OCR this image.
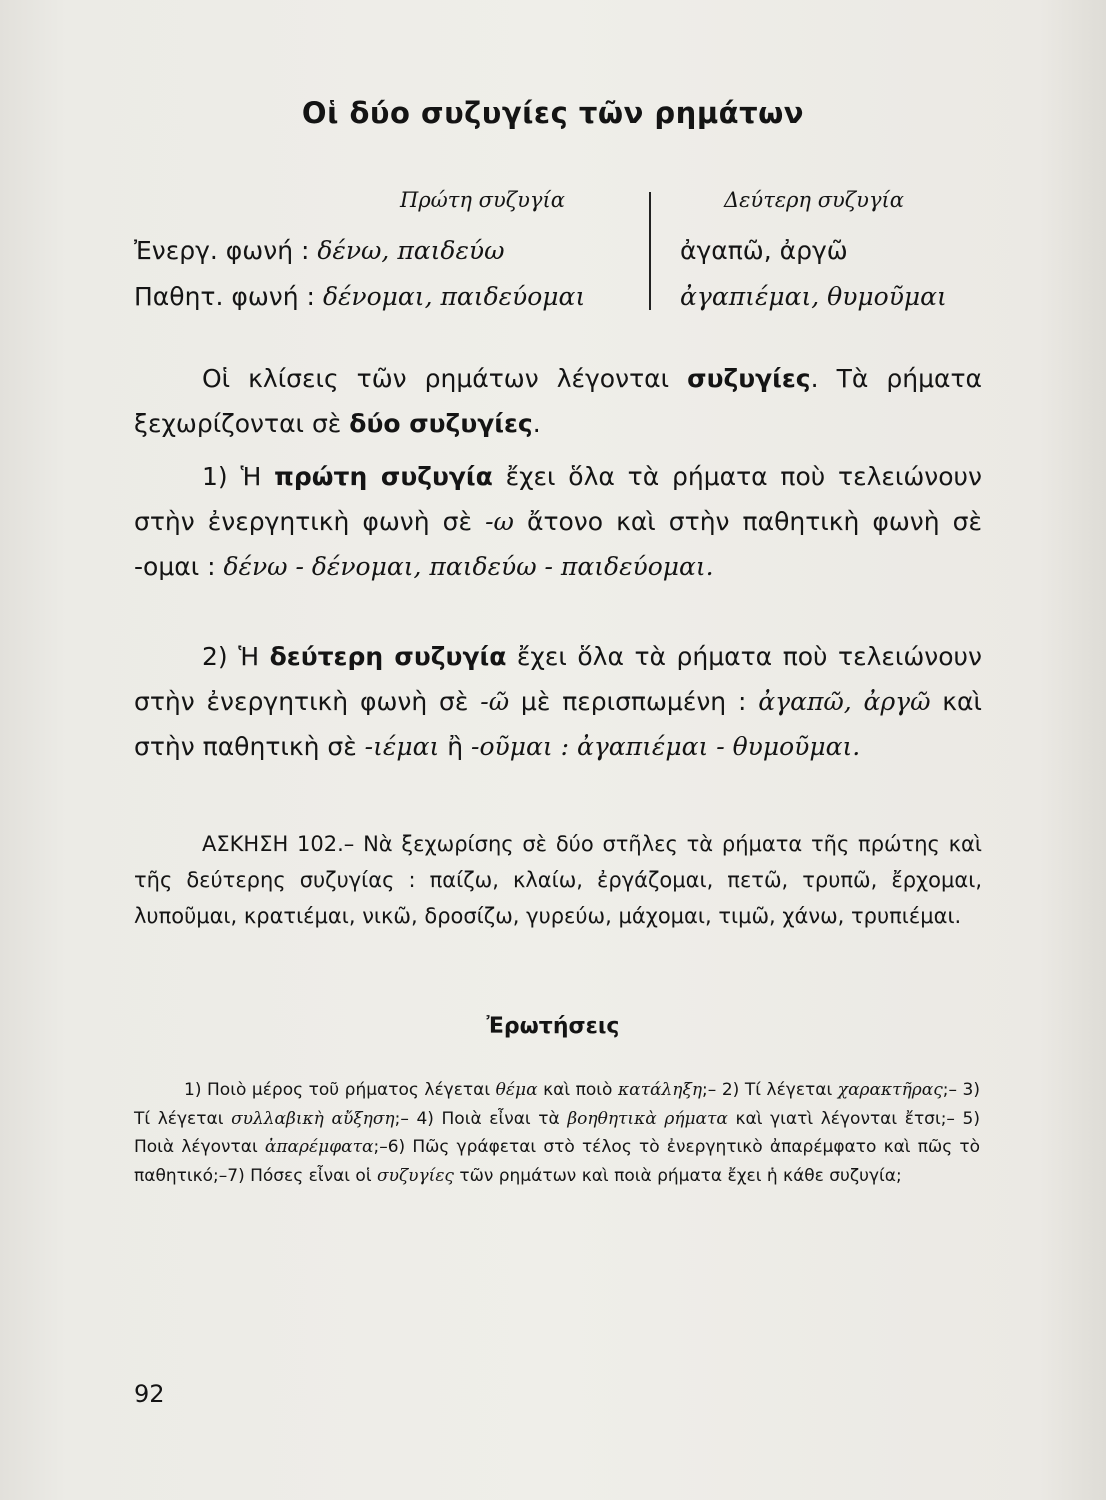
Οἱ δύο συζυγίες τῶν ρημάτων
Πρώτη συζυγία	Δεύτερη συζυγία
Ἐνεργ. φωνή : δένω, παιδεύω	ἀγαπῶ, ἀργῶ
Παθητ. φωνή : δένομαι, παιδεύομαι	ἀγαπιέμαι, θυμοῦμαι
Οἱ κλίσεις τῶν ρημάτων λέγονται συζυγίες. Τὰ ρήματα ξεχωρίζονται σὲ δύο συζυγίες.
1) Ἡ πρώτη συζυγία ἔχει ὅλα τὰ ρήματα ποὺ τελειώνουν στὴν ἐνεργητικὴ φωνὴ σὲ -ω ἄτονο καὶ στὴν παθητικὴ φωνὴ σὲ -ομαι : δένω - δένομαι, παιδεύω - παιδεύομαι.
2) Ἡ δεύτερη συζυγία ἔχει ὅλα τὰ ρήματα ποὺ τελειώνουν στὴν ἐνεργητικὴ φωνὴ σὲ -ῶ μὲ περισπωμένη : ἀγαπῶ, ἀργῶ καὶ στὴν παθητικὴ σὲ -ιέμαι ἢ -οῦμαι : ἀγαπιέμαι - θυμοῦμαι.
ΑΣΚΗΣΗ 102.– Νὰ ξεχωρίσης σὲ δύο στῆλες τὰ ρήματα τῆς πρώτης καὶ τῆς δεύτερης συζυγίας : παίζω, κλαίω, ἐργάζομαι, πετῶ, τρυπῶ, ἔρχομαι, λυποῦμαι, κρατιέμαι, νικῶ, δροσίζω, γυρεύω, μάχομαι, τιμῶ, χάνω, τρυπιέμαι.
Ἐρωτήσεις
1) Ποιὸ μέρος τοῦ ρήματος λέγεται θέμα καὶ ποιὸ κατάληξη;– 2) Τί λέγεται χαρακτῆρας;– 3) Τί λέγεται συλλαβικὴ αὔξηση;– 4) Ποιὰ εἶναι τὰ βοηθητικὰ ρήματα καὶ γιατὶ λέγονται ἔτσι;– 5) Ποιὰ λέγονται ἀπαρέμφατα;–6) Πῶς γράφεται στὸ τέλος τὸ ἐνεργητικὸ ἀπαρέμφατο καὶ πῶς τὸ παθητικό;–7) Πόσες εἶναι οἱ συζυγίες τῶν ρημάτων καὶ ποιὰ ρήματα ἔχει ἡ κάθε συζυγία;
92
